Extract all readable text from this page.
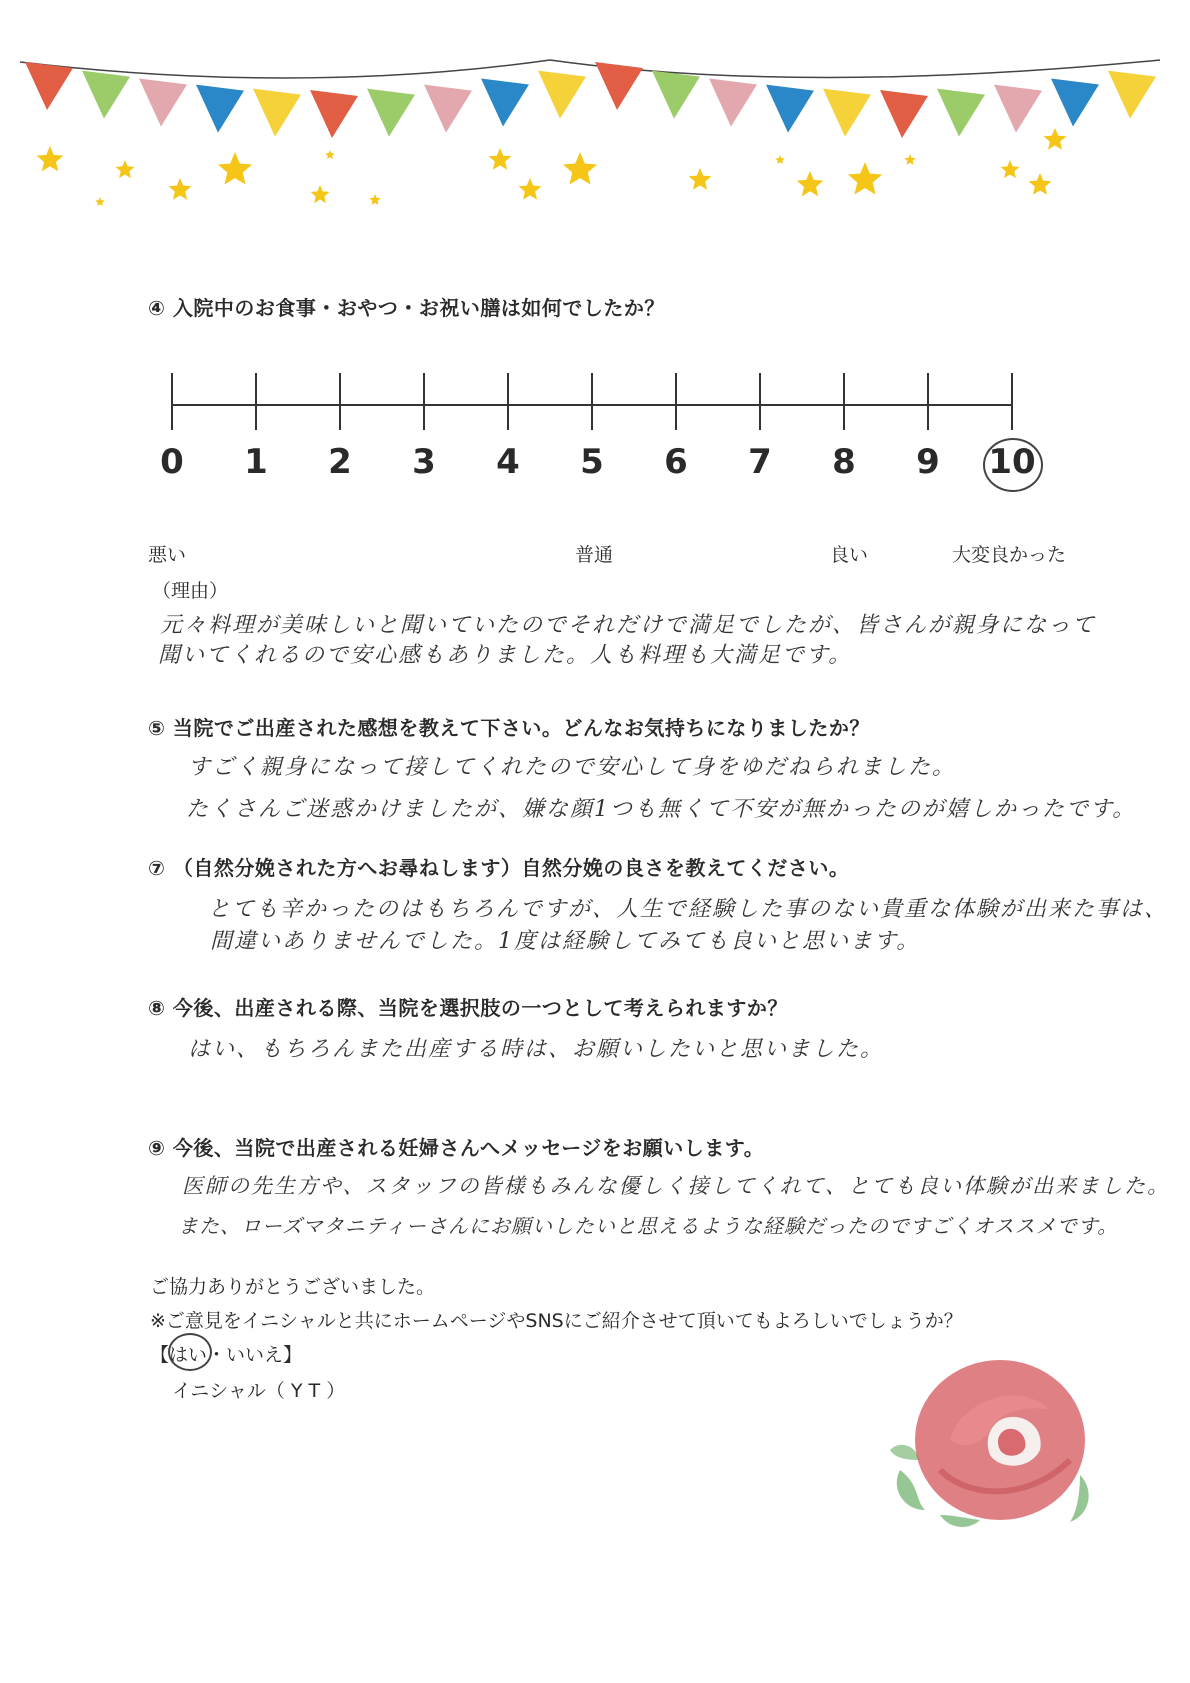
④ 入院中のお食事・おやつ・お祝い膳は如何でしたか？
0 1 2 3 4 5 6 7 8 9 10
悪い	普通	良い	大変良かった
（理由）
元々料理が美味しいと聞いていたのでそれだけで満足でしたが、皆さんが親身になって
聞いてくれるので安心感もありました。人も料理も大満足です。
⑤ 当院でご出産された感想を教えて下さい。どんなお気持ちになりましたか？
すごく親身になって接してくれたので安心して身をゆだねられました。
たくさんご迷惑かけましたが、嫌な顔1つも無くて不安が無かったのが嬉しかったです。
⑦ （自然分娩された方へお尋ねします）自然分娩の良さを教えてください。
とても辛かったのはもちろんですが、人生で経験した事のない貴重な体験が出来た事は、
間違いありませんでした。1度は経験してみても良いと思います。
⑧ 今後、出産される際、当院を選択肢の一つとして考えられますか？
はい、もちろんまた出産する時は、お願いしたいと思いました。
⑨ 今後、当院で出産される妊婦さんへメッセージをお願いします。
医師の先生方や、スタッフの皆様もみんな優しく接してくれて、とても良い体験が出来ました。
また、ローズマタニティーさんにお願いしたいと思えるような経験だったのですごくオススメです。
ご協力ありがとうございました。
※ご意見をイニシャルと共にホームページやSNSにご紹介させて頂いてもよろしいでしょうか？
【はい・いいえ】
イニシャル（ Y T ）
